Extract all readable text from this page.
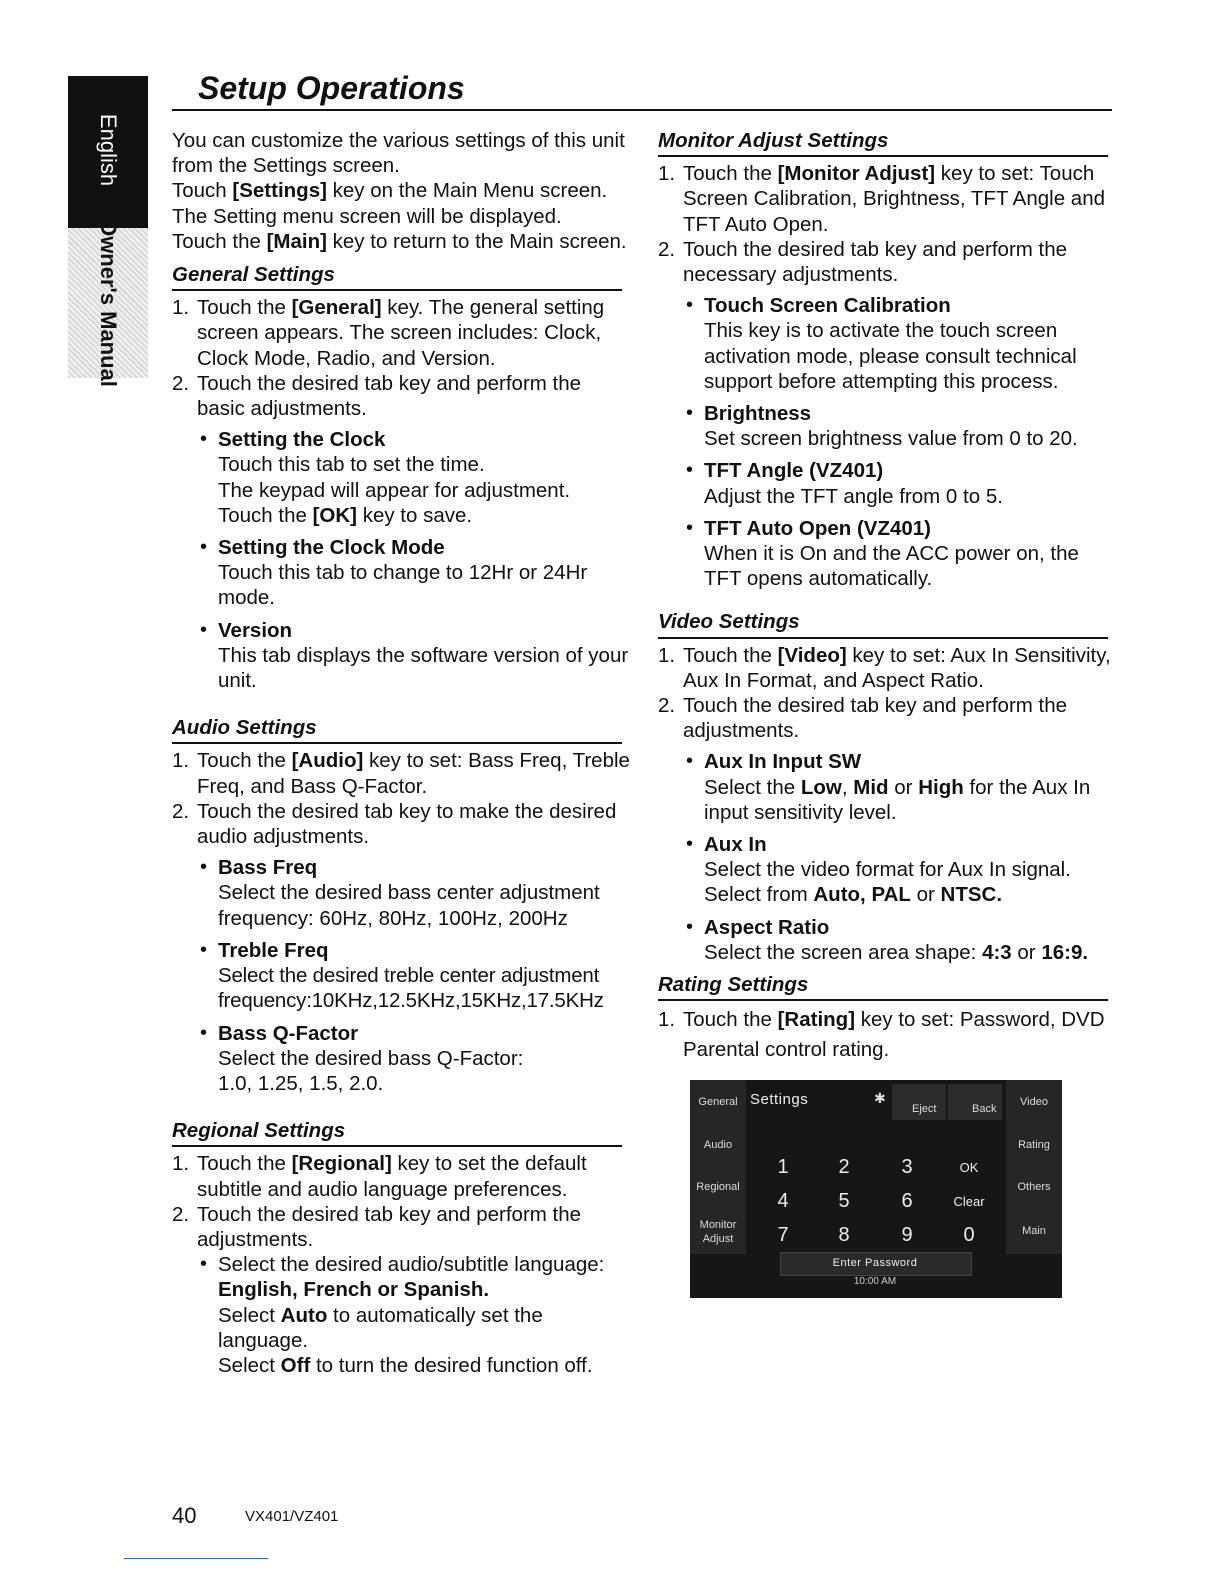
English
Owner's Manual
Setup Operations

You can customize the various settings of this unit from the Settings screen.

Touch [Settings] key on the Main Menu screen.

The Setting menu screen will be displayed.

Touch the [Main] key to return to the Main screen.

General Settings
1. Touch the [General] key. The general setting screen appears. The screen includes: Clock, Clock Mode, Radio, and Version.
2. Touch the desired tab key and perform the basic adjustments.
• Setting the Clock
Touch this tab to set the time.
The keypad will appear for adjustment.
Touch the [OK] key to save.
• Setting the Clock Mode
Touch this tab to change to 12Hr or 24Hr mode.
• Version
This tab displays the software version of your unit.
Audio Settings
1. Touch the [Audio] key to set: Bass Freq, Treble Freq, and Bass Q-Factor.
2. Touch the desired tab key to make the desired audio adjustments.
• Bass Freq
Select the desired bass center adjustment frequency: 60Hz, 80Hz, 100Hz, 200Hz
• Treble Freq
Select the desired treble center adjustment frequency:10KHz,12.5KHz,15KHz,17.5KHz
• Bass Q-Factor
Select the desired bass Q-Factor:
1.0, 1.25, 1.5, 2.0.
Regional Settings
1. Touch the [Regional] key to set the default subtitle and audio language preferences.
2. Touch the desired tab key and perform the adjustments.
• Select the desired audio/subtitle language:
English, French or Spanish.
Select Auto to automatically set the language.
Select Off to turn the desired function off.
Monitor Adjust Settings
1. Touch the [Monitor Adjust] key to set: Touch Screen Calibration, Brightness, TFT Angle and TFT Auto Open.
2. Touch the desired tab key and perform the necessary adjustments.
• Touch Screen Calibration
This key is to activate the touch screen activation mode, please consult technical support before attempting this process.
• Brightness
Set screen brightness value from 0 to 20.
• TFT Angle (VZ401)
Adjust the TFT angle from 0 to 5.
• TFT Auto Open (VZ401)
When it is On and the ACC power on, the TFT opens automatically.
Video Settings
1. Touch the [Video] key to set: Aux In Sensitivity, Aux In Format, and Aspect Ratio.
2. Touch the desired tab key and perform the adjustments.
• Aux In Input SW
Select the Low, Mid or High for the Aux In input sensitivity level.
• Aux In
Select the video format for Aux In signal.
Select from Auto, PAL or NTSC.
• Aspect Ratio
Select the screen area shape: 4:3 or 16:9.
Rating Settings
1. Touch the [Rating] key to set: Password, DVD Parental control rating.
General Settings	✱
Eject	Back
Video
Audio
Regional
Monitor Adjust
Rating
Others
Main
1	2	3	OK
4	5	6	Clear
7	8	9	0
Enter Password
10:00 AM
40	VX401/VZ401
